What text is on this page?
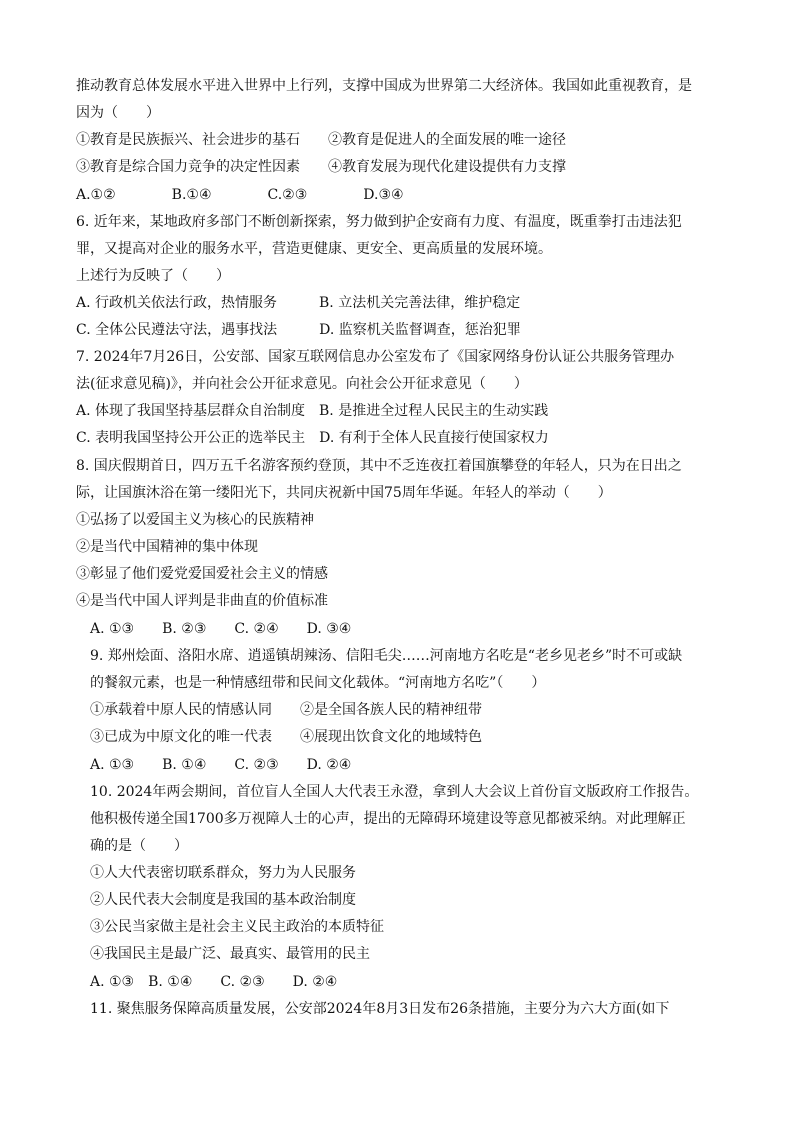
推动教育总体发展水平进入世界中上行列，支撑中国成为世界第二大经济体。我国如此重视教育，是
因为（　　）
①教育是民族振兴、社会进步的基石　　②教育是促进人的全面发展的唯一途径
③教育是综合国力竞争的决定性因素　　④教育发展为现代化建设提供有力支撑
A.①②　　　　B.①④　　　　C.②③　　　　D.③④
6. 近年来，某地政府多部门不断创新探索，努力做到护企安商有力度、有温度，既重拳打击违法犯
罪，又提高对企业的服务水平，营造更健康、更安全、更高质量的发展环境。
上述行为反映了（　　）
A. 行政机关依法行政，热情服务　　　B. 立法机关完善法律，维护稳定
C. 全体公民遵法守法，遇事找法　　　D. 监察机关监督调查，惩治犯罪
7. 2024年7月26日，公安部、国家互联网信息办公室发布了《国家网络身份认证公共服务管理办
法(征求意见稿)》，并向社会公开征求意见。向社会公开征求意见（　　）
A. 体现了我国坚持基层群众自治制度　B. 是推进全过程人民民主的生动实践
C. 表明我国坚持公开公正的选举民主　D. 有利于全体人民直接行使国家权力
8. 国庆假期首日，四万五千名游客预约登顶，其中不乏连夜扛着国旗攀登的年轻人，只为在日出之
际，让国旗沐浴在第一缕阳光下，共同庆祝新中国75周年华诞。年轻人的举动（　　）
①弘扬了以爱国主义为核心的民族精神
②是当代中国精神的集中体现
③彰显了他们爱党爱国爱社会主义的情感
④是当代中国人评判是非曲直的价值标准
A. ①③　　B. ②③　　C. ②④　　D. ③④
9. 郑州烩面、洛阳水席、逍遥镇胡辣汤、信阳毛尖……河南地方名吃是“老乡见老乡”时不可或缺
的餐叙元素，也是一种情感纽带和民间文化载体。“河南地方名吃”（　　）
①承载着中原人民的情感认同　　②是全国各族人民的精神纽带
③已成为中原文化的唯一代表　　④展现出饮食文化的地域特色
A. ①③　　B. ①④　　C. ②③　　D. ②④
10. 2024年两会期间，首位盲人全国人大代表王永澄，拿到人大会议上首份盲文版政府工作报告。
他积极传递全国1700多万视障人士的心声，提出的无障碍环境建设等意见都被采纳。对此理解正
确的是（　　）
①人大代表密切联系群众，努力为人民服务
②人民代表大会制度是我国的基本政治制度
③公民当家做主是社会主义民主政治的本质特征
④我国民主是最广泛、最真实、最管用的民主
A. ①③　B. ①④　　C. ②③　　D. ②④
11. 聚焦服务保障高质量发展，公安部2024年8月3日发布26条措施，主要分为六大方面(如下
